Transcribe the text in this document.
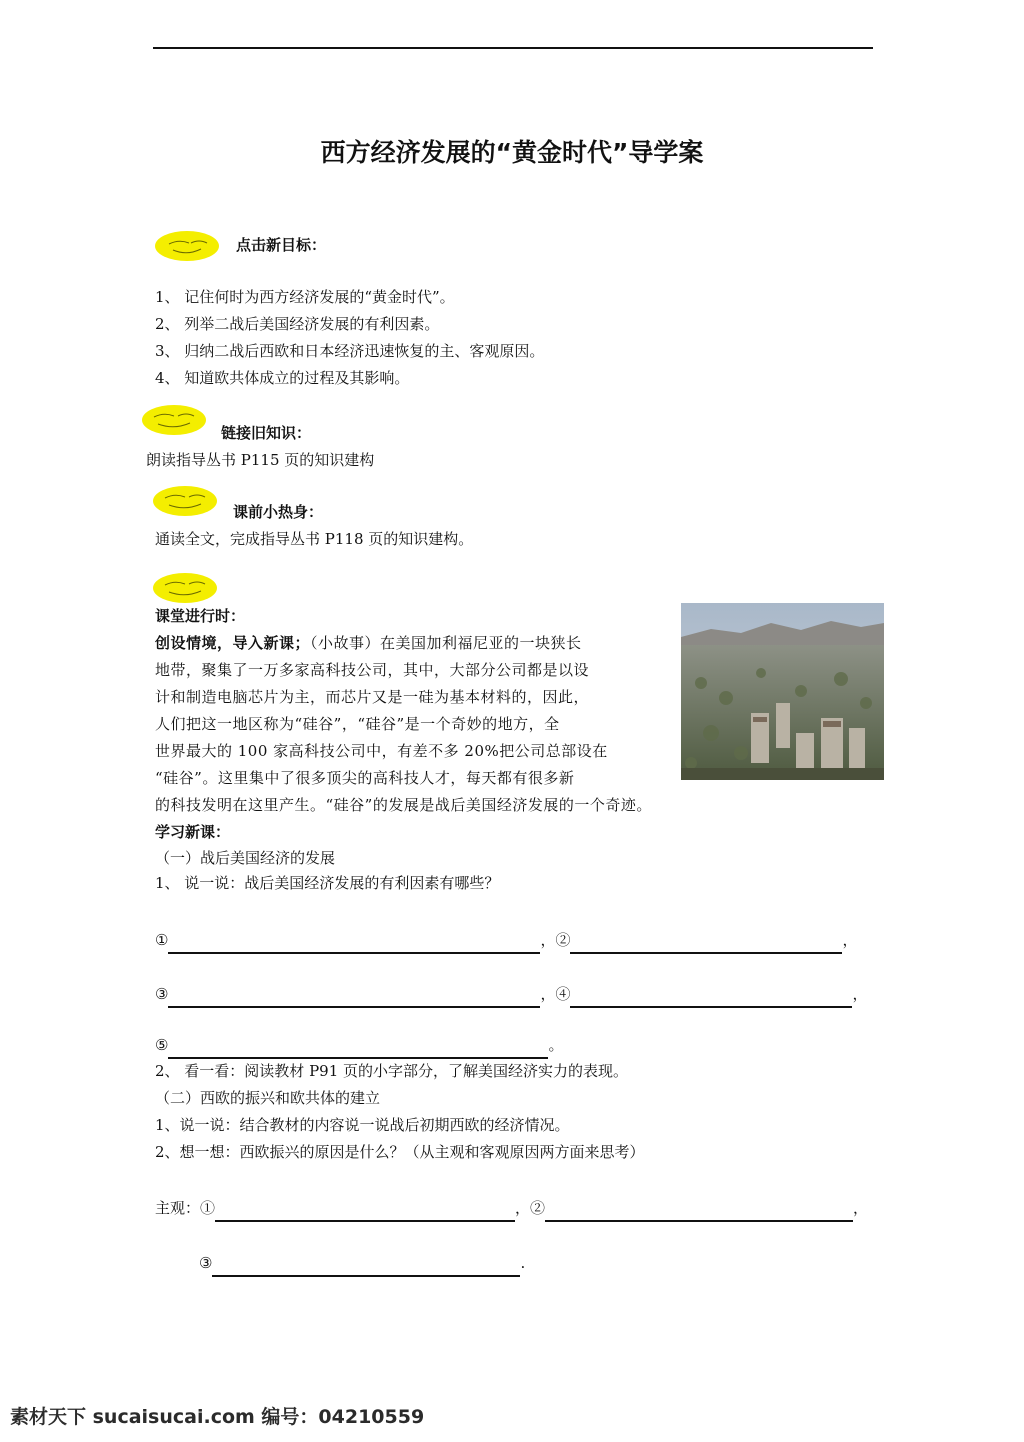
西方经济发展的“黄金时代”导学案
点击新目标：
1、 记住何时为西方经济发展的“黄金时代”。
2、 列举二战后美国经济发展的有利因素。
3、 归纳二战后西欧和日本经济迅速恢复的主、客观原因。
4、 知道欧共体成立的过程及其影响。
链接旧知识：
朗读指导丛书 P115 页的知识建构
课前小热身：
通读全文，完成指导丛书 P118 页的知识建构。
课堂进行时：
创设情境，导入新课；（小故事）在美国加利福尼亚的一块狭长
地带，聚集了一万多家高科技公司，其中，大部分公司都是以设
计和制造电脑芯片为主，而芯片又是一硅为基本材料的，因此，
人们把这一地区称为“硅谷”，“硅谷”是一个奇妙的地方，全
世界最大的 100 家高科技公司中，有差不多 20%把公司总部设在
“硅谷”。这里集中了很多顶尖的高科技人才，每天都有很多新
的科技发明在这里产生。“硅谷”的发展是战后美国经济发展的一个奇迹。
学习新课：
（一）战后美国经济的发展
1、 说一说：战后美国经济发展的有利因素有哪些？
①	，②	，
③	，④	，
⑤	。
2、 看一看：阅读教材 P91 页的小字部分，了解美国经济实力的表现。
（二）西欧的振兴和欧共体的建立
1、说一说：结合教材的内容说一说战后初期西欧的经济情况。
2、想一想：西欧振兴的原因是什么？（从主观和客观原因两方面来思考）
主观：①	，②	，
③	.
素材天下 sucaisucai.com 编号：04210559
